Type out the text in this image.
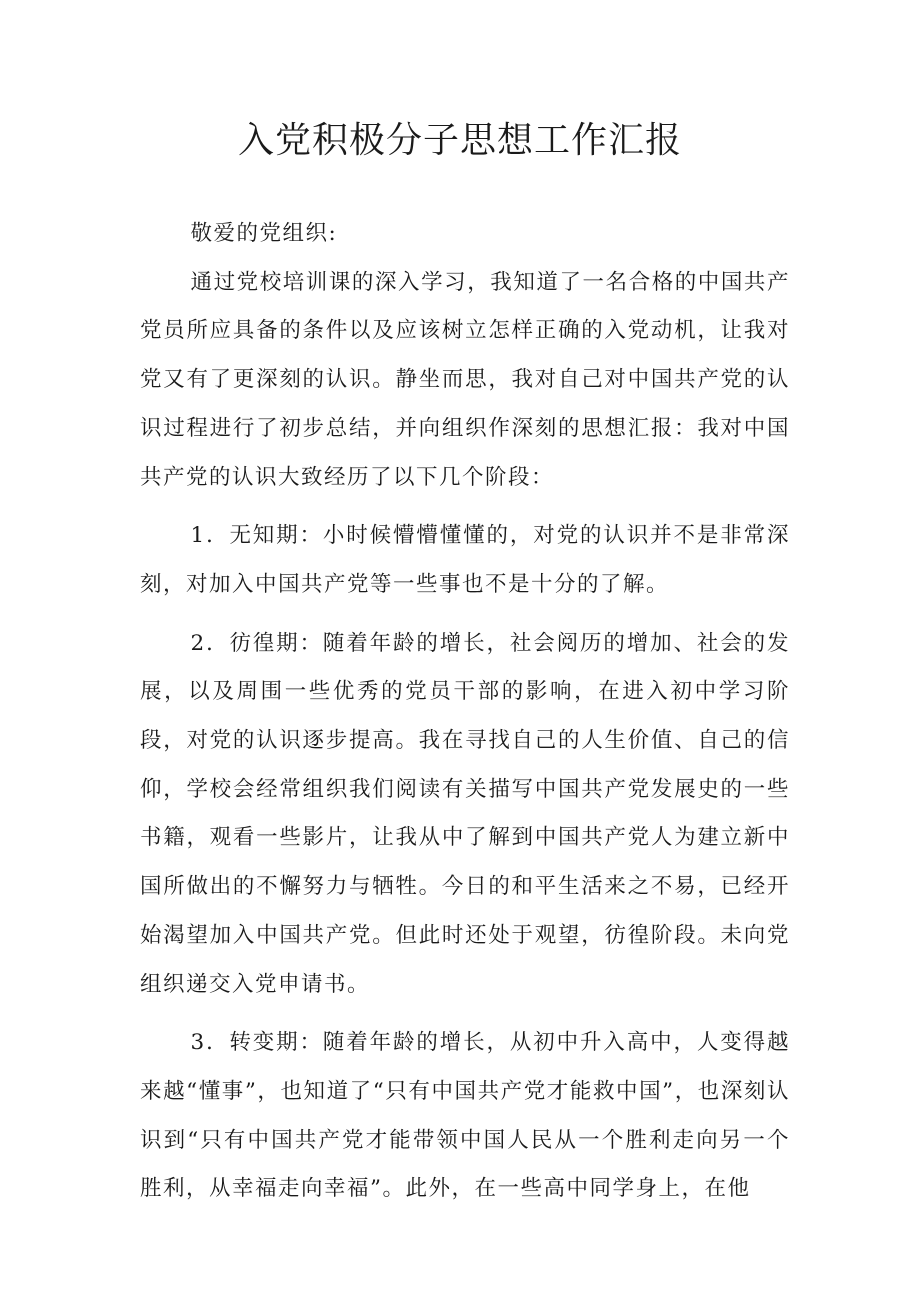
入党积极分子思想工作汇报

敬爱的党组织:

通过党校培训课的深入学习，我知道了一名合格的中国共产党员所应具备的条件以及应该树立怎样正确的入党动机，让我对党又有了更深刻的认识。静坐而思，我对自己对中国共产党的认识过程进行了初步总结，并向组织作深刻的思想汇报：我对中国共产党的认识大致经历了以下几个阶段：

1．无知期：小时候懵懵懂懂的，对党的认识并不是非常深刻，对加入中国共产党等一些事也不是十分的了解。

2．彷徨期：随着年龄的增长，社会阅历的增加、社会的发展，以及周围一些优秀的党员干部的影响，在进入初中学习阶段，对党的认识逐步提高。我在寻找自己的人生价值、自己的信仰，学校会经常组织我们阅读有关描写中国共产党发展史的一些书籍，观看一些影片，让我从中了解到中国共产党人为建立新中国所做出的不懈努力与牺牲。今日的和平生活来之不易，已经开始渴望加入中国共产党。但此时还处于观望，彷徨阶段。未向党组织递交入党申请书。

3．转变期：随着年龄的增长，从初中升入高中，人变得越来越“懂事”，也知道了“只有中国共产党才能救中国”，也深刻认识到“只有中国共产党才能带领中国人民从一个胜利走向另一个胜利，从幸福走向幸福”。此外，在一些高中同学身上，在他
